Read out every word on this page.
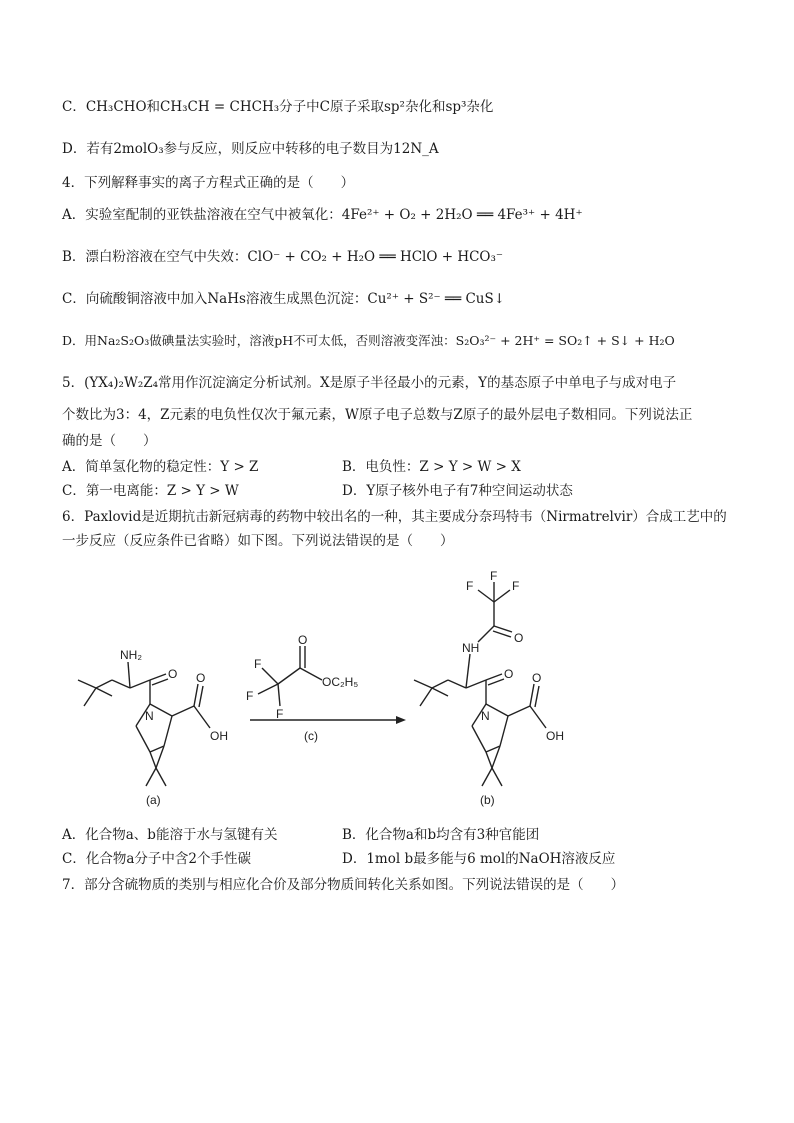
C．CH₃CHO和CH₃CH = CHCH₃分子中C原子采取sp²杂化和sp³杂化
D．若有2molO₃参与反应，则反应中转移的电子数目为12N_A
4．下列解释事实的离子方程式正确的是（　　）
A．实验室配制的亚铁盐溶液在空气中被氧化：4Fe²⁺ + O₂ + 2H₂O ══ 4Fe³⁺ + 4H⁺
B．漂白粉溶液在空气中失效：ClO⁻ + CO₂ + H₂O ══ HClO + HCO₃⁻
C．向硫酸铜溶液中加入NaHs溶液生成黑色沉淀：Cu²⁺ + S²⁻ ══ CuS↓
D．用Na₂S₂O₃做碘量法实验时，溶液pH不可太低，否则溶液变浑浊：S₂O₃²⁻ + 2H⁺ = SO₂↑ + S↓ + H₂O
5．(YX₄)₂W₂Z₄常用作沉淀滴定分析试剂。X是原子半径最小的元素，Y的基态原子中单电子与成对电子
个数比为3：4，Z元素的电负性仅次于氟元素，W原子电子总数与Z原子的最外层电子数相同。下列说法正
确的是（　　）
A．简单氢化物的稳定性：Y > Z	B．电负性：Z > Y > W > X
C．第一电离能：Z > Y > W	D．Y原子核外电子有7种空间运动状态
6．Paxlovid是近期抗击新冠病毒的药物中较出名的一种，其主要成分奈玛特韦（Nirmatrelvir）合成工艺中的
一步反应（反应条件已省略）如下图。下列说法错误的是（　　）
NH₂
N
O O
OH
(a)
F
F
F
O
OC₂H₅
(c)
F
F	F
O
NH
N
O O
OH
(b)
A．化合物a、b能溶于水与氢键有关	B．化合物a和b均含有3种官能团
C．化合物a分子中含2个手性碳	D．1mol b最多能与6 mol的NaOH溶液反应
7．部分含硫物质的类别与相应化合价及部分物质间转化关系如图。下列说法错误的是（　　）
